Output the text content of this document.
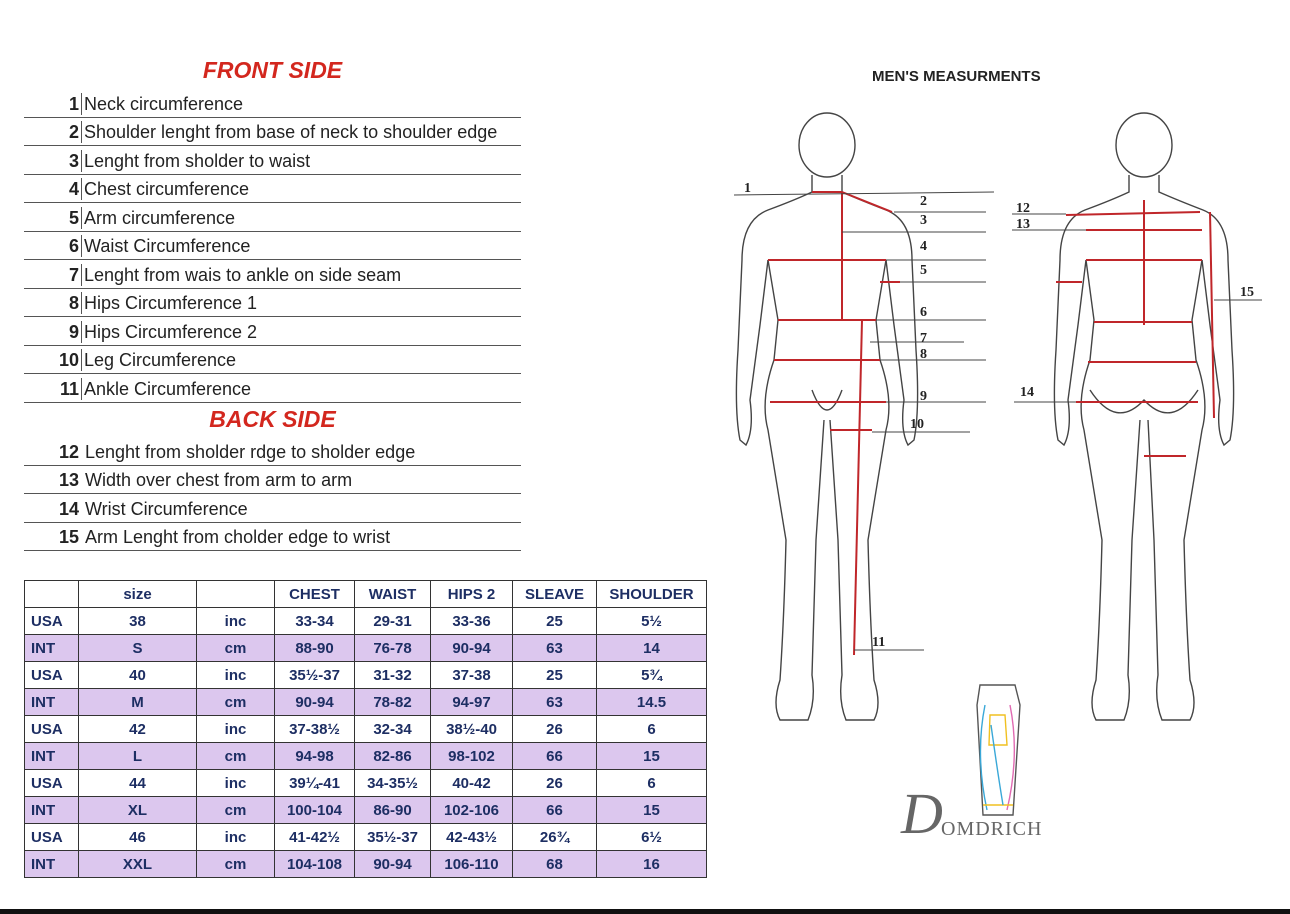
FRONT SIDE
1 Neck circumference
2 Shoulder lenght from base of neck to shoulder edge
3 Lenght from sholder to waist
4 Chest circumference
5 Arm circumference
6 Waist Circumference
7 Lenght from wais to ankle on side seam
8 Hips Circumference 1
9 Hips Circumference 2
10 Leg Circumference
11 Ankle Circumference
BACK SIDE
12 Lenght from sholder rdge to sholder edge
13 Width over chest from arm to arm
14 Wrist Circumference
15 Arm Lenght from cholder edge to wrist
	size		CHEST	WAIST	HIPS 2	SLEAVE	SHOULDER
USA	38	inc	33-34	29-31	33-36	25	5½
INT	S	cm	88-90	76-78	90-94	63	14
USA	40	inc	35½-37	31-32	37-38	25	5¾
INT	M	cm	90-94	78-82	94-97	63	14.5
USA	42	inc	37-38½	32-34	38½-40	26	6
INT	L	cm	94-98	82-86	98-102	66	15
USA	44	inc	39¼-41	34-35½	40-42	26	6
INT	XL	cm	100-104	86-90	102-106	66	15
USA	46	inc	41-42½	35½-37	42-43½	26¾	6½
INT	XXL	cm	104-108	90-94	106-110	68	16
MEN'S MEASURMENTS
1
2
3
4
5
6
7
8
9
10
11
12
13
15
14
D
OMDRICH
